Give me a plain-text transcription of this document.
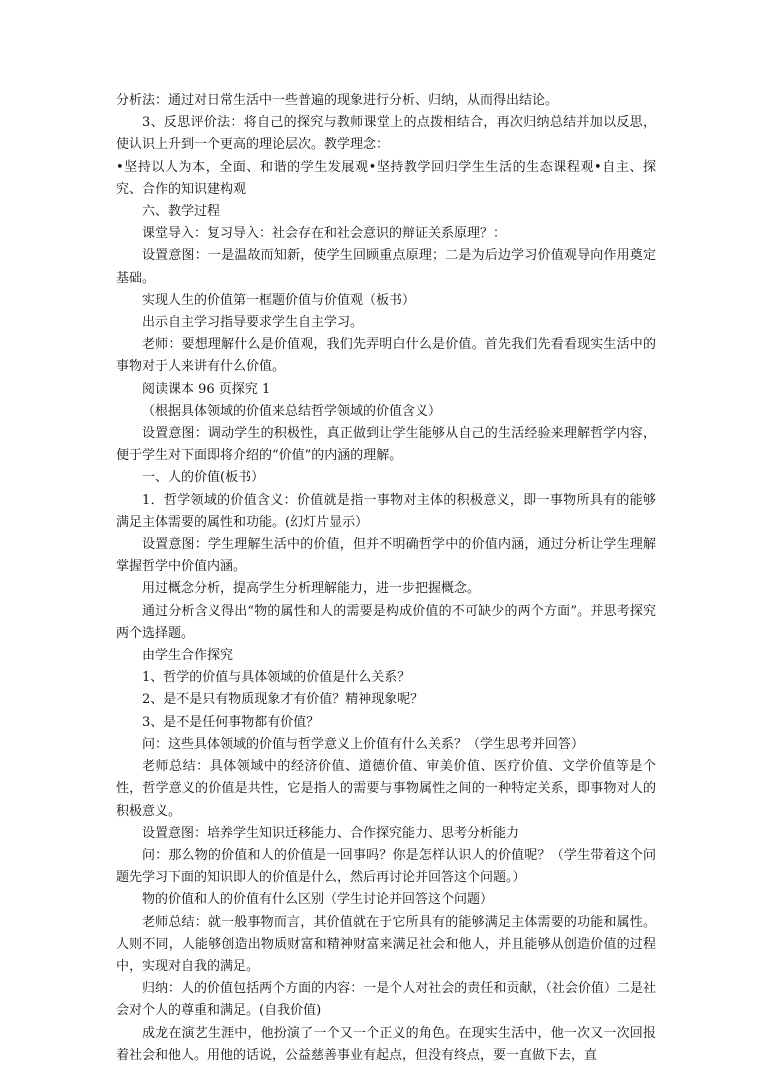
分析法：通过对日常生活中一些普遍的现象进行分析、归纳，从而得出结论。

3、反思评价法：将自己的探究与教师课堂上的点拨相结合，再次归纳总结并加以反思，使认识上升到一个更高的理论层次。教学理念：

•坚持以人为本，全面、和谐的学生发展观•坚持教学回归学生生活的生态课程观•自主、探究、合作的知识建构观

六、教学过程

课堂导入：复习导入：社会存在和社会意识的辩证关系原理？：

设置意图：一是温故而知新，使学生回顾重点原理；二是为后边学习价值观导向作用奠定基础。

实现人生的价值第一框题价值与价值观（板书）

出示自主学习指导要求学生自主学习。

老师：要想理解什么是价值观，我们先弄明白什么是价值。首先我们先看看现实生活中的事物对于人来讲有什么价值。

阅读课本 96 页探究 1

（根据具体领域的价值来总结哲学领域的价值含义）

设置意图：调动学生的积极性，真正做到让学生能够从自己的生活经验来理解哲学内容，便于学生对下面即将介绍的“价值”的内涵的理解。

一、人的价值(板书）

1．哲学领域的价值含义：价值就是指一事物对主体的积极意义，即一事物所具有的能够满足主体需要的属性和功能。(幻灯片显示）

设置意图：学生理解生活中的价值，但并不明确哲学中的价值内涵，通过分析让学生理解掌握哲学中价值内涵。

用过概念分析，提高学生分析理解能力，进一步把握概念。

通过分析含义得出“物的属性和人的需要是构成价值的不可缺少的两个方面”。并思考探究两个选择题。

由学生合作探究

1、哲学的价值与具体领域的价值是什么关系？

2、是不是只有物质现象才有价值？精神现象呢？

3、是不是任何事物都有价值？

问：这些具体领域的价值与哲学意义上价值有什么关系？（学生思考并回答）

老师总结：具体领域中的经济价值、道德价值、审美价值、医疗价值、文学价值等是个性，哲学意义的价值是共性，它是指人的需要与事物属性之间的一种特定关系，即事物对人的积极意义。

设置意图：培养学生知识迁移能力、合作探究能力、思考分析能力

问：那么物的价值和人的价值是一回事吗？你是怎样认识人的价值呢？（学生带着这个问题先学习下面的知识即人的价值是什么，然后再讨论并回答这个问题。）

物的价值和人的价值有什么区别（学生讨论并回答这个问题）

老师总结：就一般事物而言，其价值就在于它所具有的能够满足主体需要的功能和属性。人则不同，人能够创造出物质财富和精神财富来满足社会和他人，并且能够从创造价值的过程中，实现对自我的满足。

归纳：人的价值包括两个方面的内容：一是个人对社会的责任和贡献，（社会价值）二是社会对个人的尊重和满足。(自我价值)

成龙在演艺生涯中，他扮演了一个又一个正义的角色。在现实生活中，他一次又一次回报着社会和他人。用他的话说，公益慈善事业有起点，但没有终点，要一直做下去，直
